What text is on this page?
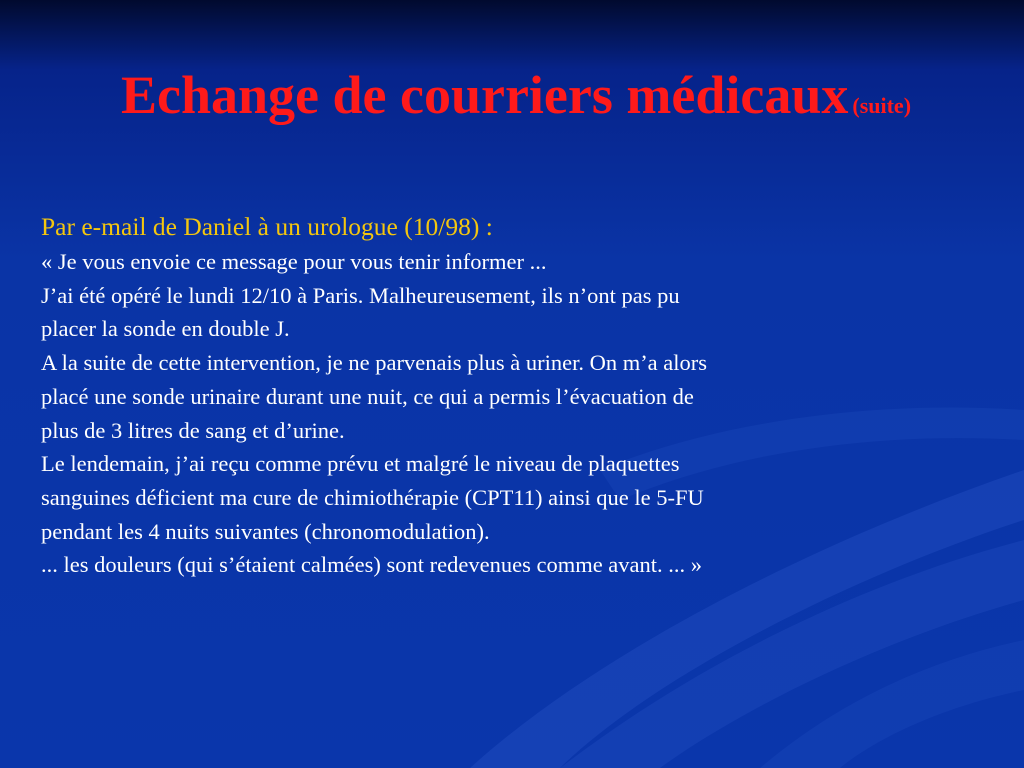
Echange de courriers médicaux (suite)

Par e-mail de Daniel à un urologue (10/98) :

« Je vous envoie ce message pour vous tenir informer ...

J’ai été opéré le lundi 12/10 à Paris. Malheureusement, ils n’ont pas pu

placer la sonde en double J.

A la suite de cette intervention, je ne parvenais plus à uriner. On m’a alors

placé une sonde urinaire durant une nuit, ce qui a permis l’évacuation de

plus de 3 litres de sang et d’urine.

Le lendemain, j’ai reçu comme prévu et malgré le niveau de plaquettes

sanguines déficient ma cure de chimiothérapie (CPT11) ainsi que le 5-FU

pendant les 4 nuits suivantes (chronomodulation).

... les douleurs (qui s’étaient calmées) sont redevenues comme avant. ... »
